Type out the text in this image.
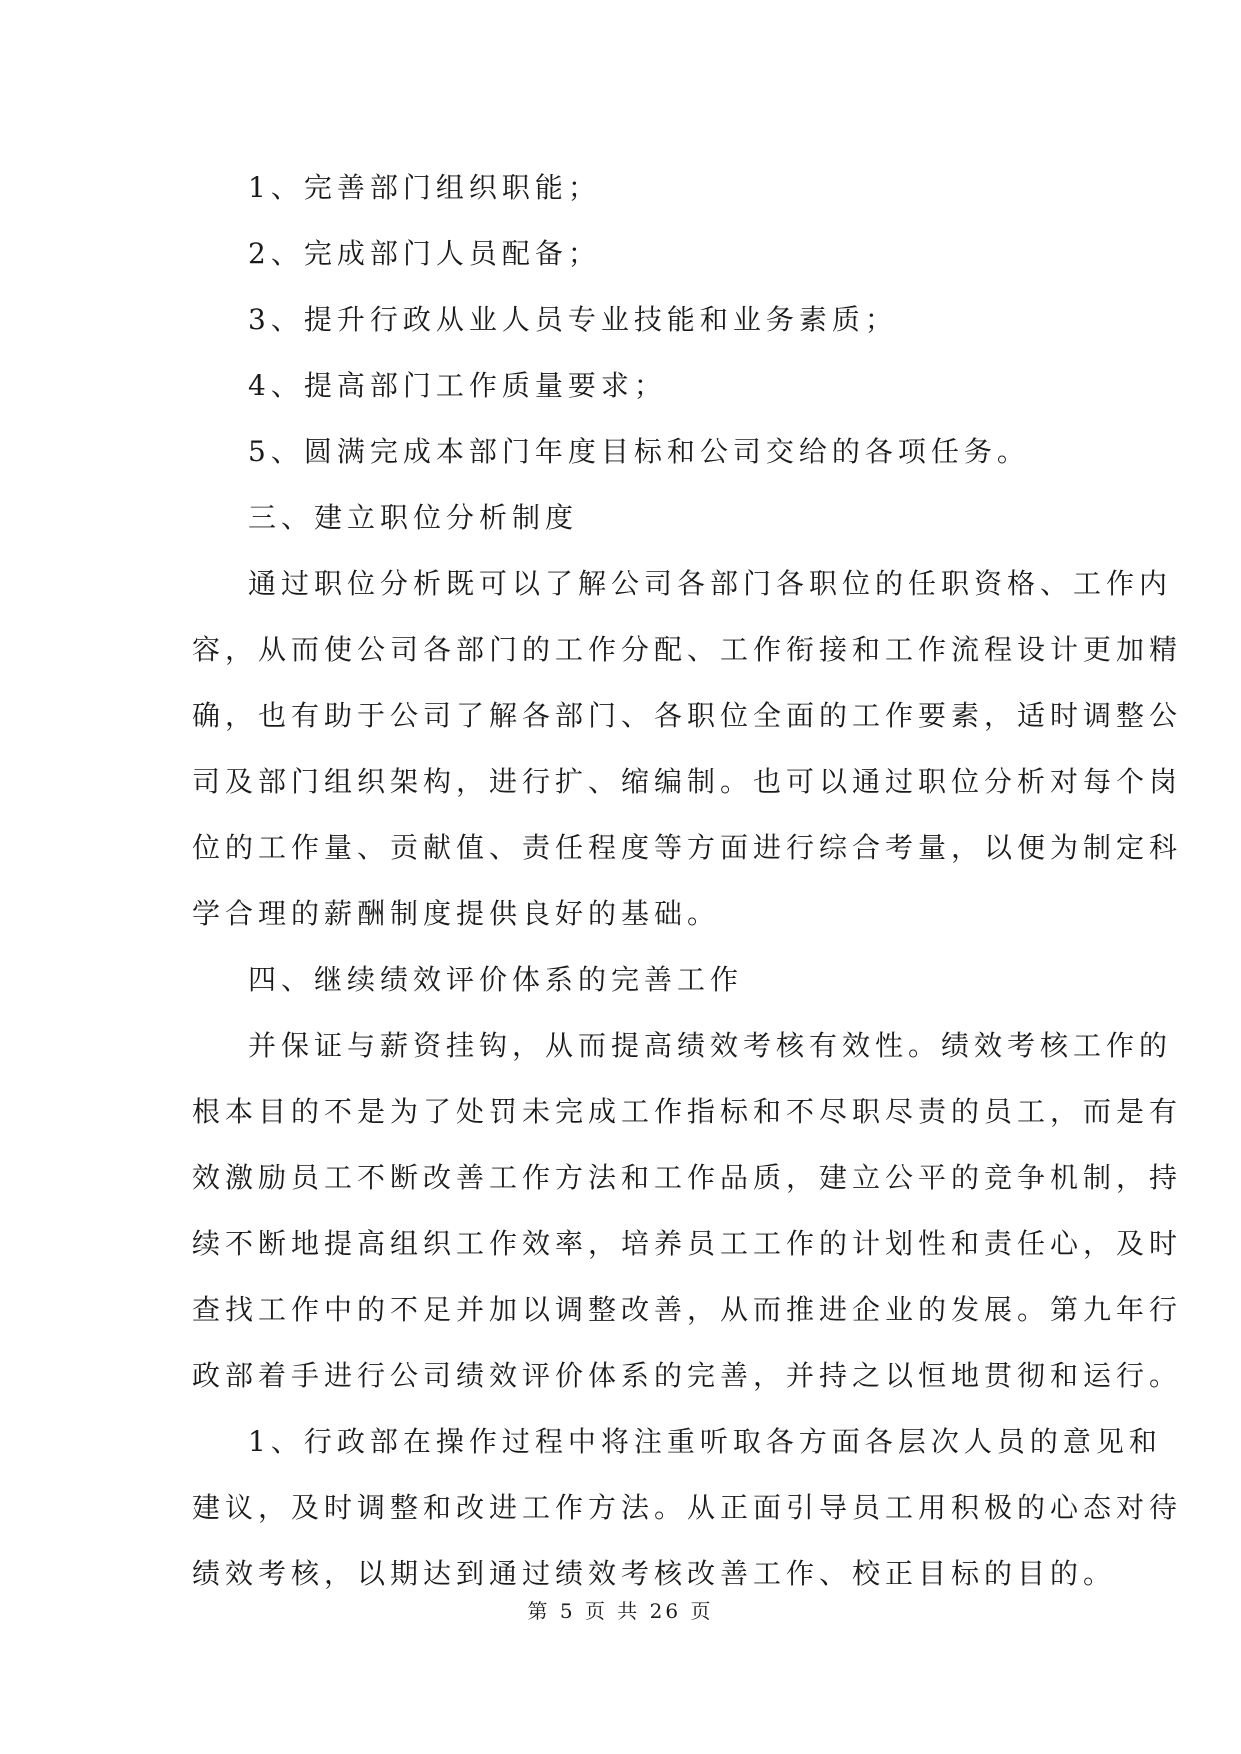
1、完善部门组织职能；
2、完成部门人员配备；
3、提升行政从业人员专业技能和业务素质；
4、提高部门工作质量要求；
5、圆满完成本部门年度目标和公司交给的各项任务。
三、建立职位分析制度
通过职位分析既可以了解公司各部门各职位的任职资格、工作内
容，从而使公司各部门的工作分配、工作衔接和工作流程设计更加精
确，也有助于公司了解各部门、各职位全面的工作要素，适时调整公
司及部门组织架构，进行扩、缩编制。也可以通过职位分析对每个岗
位的工作量、贡献值、责任程度等方面进行综合考量，以便为制定科
学合理的薪酬制度提供良好的基础。
四、继续绩效评价体系的完善工作
并保证与薪资挂钩，从而提高绩效考核有效性。绩效考核工作的
根本目的不是为了处罚未完成工作指标和不尽职尽责的员工，而是有
效激励员工不断改善工作方法和工作品质，建立公平的竞争机制，持
续不断地提高组织工作效率，培养员工工作的计划性和责任心，及时
查找工作中的不足并加以调整改善，从而推进企业的发展。第九年行
政部着手进行公司绩效评价体系的完善，并持之以恒地贯彻和运行。
1、行政部在操作过程中将注重听取各方面各层次人员的意见和
建议，及时调整和改进工作方法。从正面引导员工用积极的心态对待
绩效考核，以期达到通过绩效考核改善工作、校正目标的目的。
第 5 页 共 26 页
